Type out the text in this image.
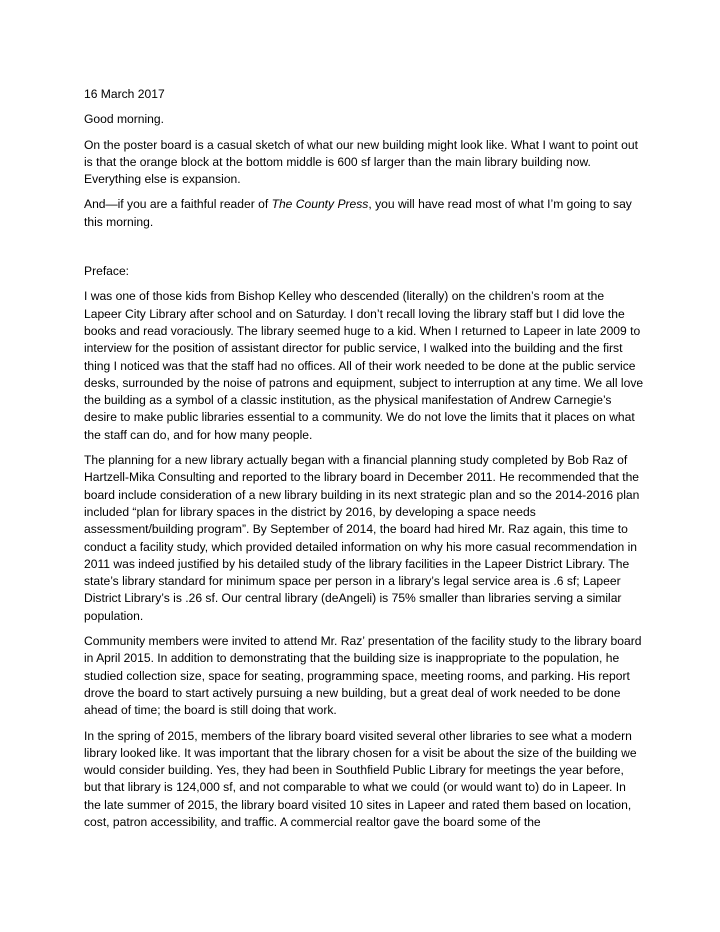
16 March 2017

Good morning.

On the poster board is a casual sketch of what our new building might look like. What I want to point out is that the orange block at the bottom middle is 600 sf larger than the main library building now. Everything else is expansion.

And—if you are a faithful reader of The County Press, you will have read most of what I’m going to say this morning.

Preface:

I was one of those kids from Bishop Kelley who descended (literally) on the children’s room at the Lapeer City Library after school and on Saturday. I don’t recall loving the library staff but I did love the books and read voraciously. The library seemed huge to a kid. When I returned to Lapeer in late 2009 to interview for the position of assistant director for public service, I walked into the building and the first thing I noticed was that the staff had no offices. All of their work needed to be done at the public service desks, surrounded by the noise of patrons and equipment, subject to interruption at any time. We all love the building as a symbol of a classic institution, as the physical manifestation of Andrew Carnegie’s desire to make public libraries essential to a community. We do not love the limits that it places on what the staff can do, and for how many people.

The planning for a new library actually began with a financial planning study completed by Bob Raz of Hartzell-Mika Consulting and reported to the library board in December 2011. He recommended that the board include consideration of a new library building in its next strategic plan and so the 2014-2016 plan included “plan for library spaces in the district by 2016, by developing a space needs assessment/building program”. By September of 2014, the board had hired Mr. Raz again, this time to conduct a facility study, which provided detailed information on why his more casual recommendation in 2011 was indeed justified by his detailed study of the library facilities in the Lapeer District Library. The state’s library standard for minimum space per person in a library’s legal service area is .6 sf; Lapeer District Library’s is .26 sf. Our central library (deAngeli) is 75% smaller than libraries serving a similar population.

Community members were invited to attend Mr. Raz’ presentation of the facility study to the library board in April 2015. In addition to demonstrating that the building size is inappropriate to the population, he studied collection size, space for seating, programming space, meeting rooms, and parking. His report drove the board to start actively pursuing a new building, but a great deal of work needed to be done ahead of time; the board is still doing that work.

In the spring of 2015, members of the library board visited several other libraries to see what a modern library looked like. It was important that the library chosen for a visit be about the size of the building we would consider building. Yes, they had been in Southfield Public Library for meetings the year before, but that library is 124,000 sf, and not comparable to what we could (or would want to) do in Lapeer. In the late summer of 2015, the library board visited 10 sites in Lapeer and rated them based on location, cost, patron accessibility, and traffic. A commercial realtor gave the board some of the
